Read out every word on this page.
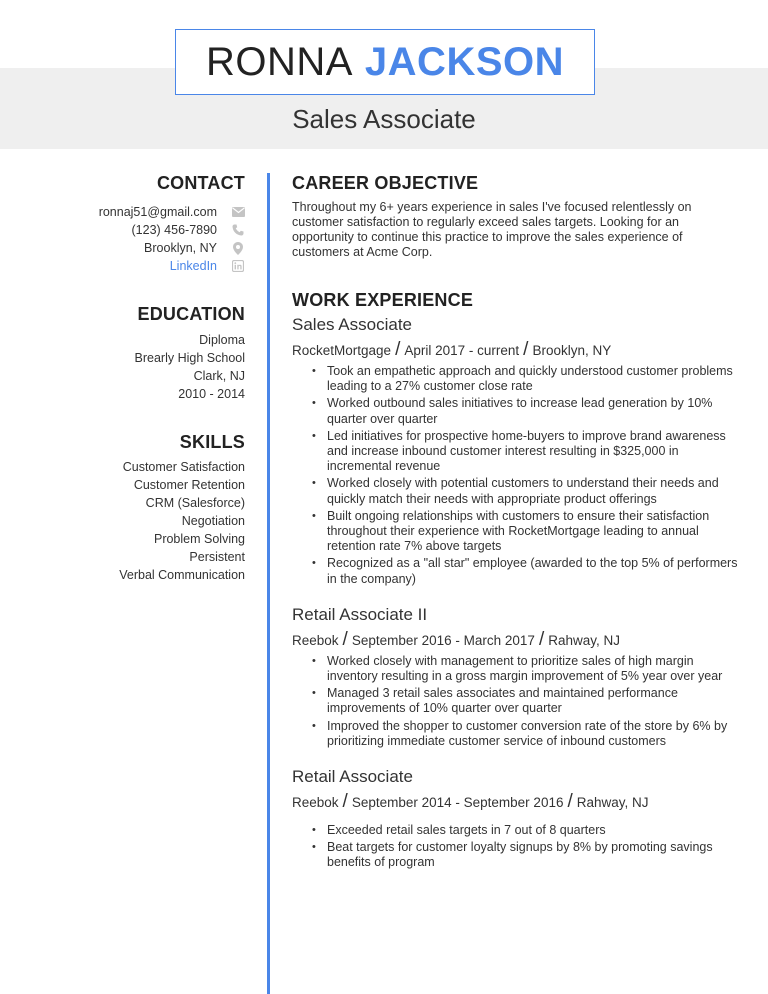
RONNA JACKSON
Sales Associate
CONTACT
ronnaj51@gmail.com
(123) 456-7890
Brooklyn, NY
LinkedIn
EDUCATION
Diploma
Brearly High School
Clark, NJ
2010 - 2014
SKILLS
Customer Satisfaction
Customer Retention
CRM (Salesforce)
Negotiation
Problem Solving
Persistent
Verbal Communication
CAREER OBJECTIVE

Throughout my 6+ years experience in sales I've focused relentlessly on customer satisfaction to regularly exceed sales targets. Looking for an opportunity to continue this practice to improve the sales experience of customers at Acme Corp.

WORK EXPERIENCE
Sales Associate
RocketMortgage / April 2017 - current / Brooklyn, NY
• Took an empathetic approach and quickly understood customer problems leading to a 27% customer close rate
• Worked outbound sales initiatives to increase lead generation by 10% quarter over quarter
• Led initiatives for prospective home-buyers to improve brand awareness and increase inbound customer interest resulting in $325,000 in incremental revenue
• Worked closely with potential customers to understand their needs and quickly match their needs with appropriate product offerings
• Built ongoing relationships with customers to ensure their satisfaction throughout their experience with RocketMortgage leading to annual retention rate 7% above targets
• Recognized as a "all star" employee (awarded to the top 5% of performers in the company)
Retail Associate II
Reebok / September 2016 - March 2017 / Rahway, NJ
• Worked closely with management to prioritize sales of high margin inventory resulting in a gross margin improvement of 5% year over year
• Managed 3 retail sales associates and maintained performance improvements of 10% quarter over quarter
• Improved the shopper to customer conversion rate of the store by 6% by prioritizing immediate customer service of inbound customers
Retail Associate
Reebok / September 2014 - September 2016 / Rahway, NJ
• Exceeded retail sales targets in 7 out of 8 quarters
• Beat targets for customer loyalty signups by 8% by promoting savings benefits of program
